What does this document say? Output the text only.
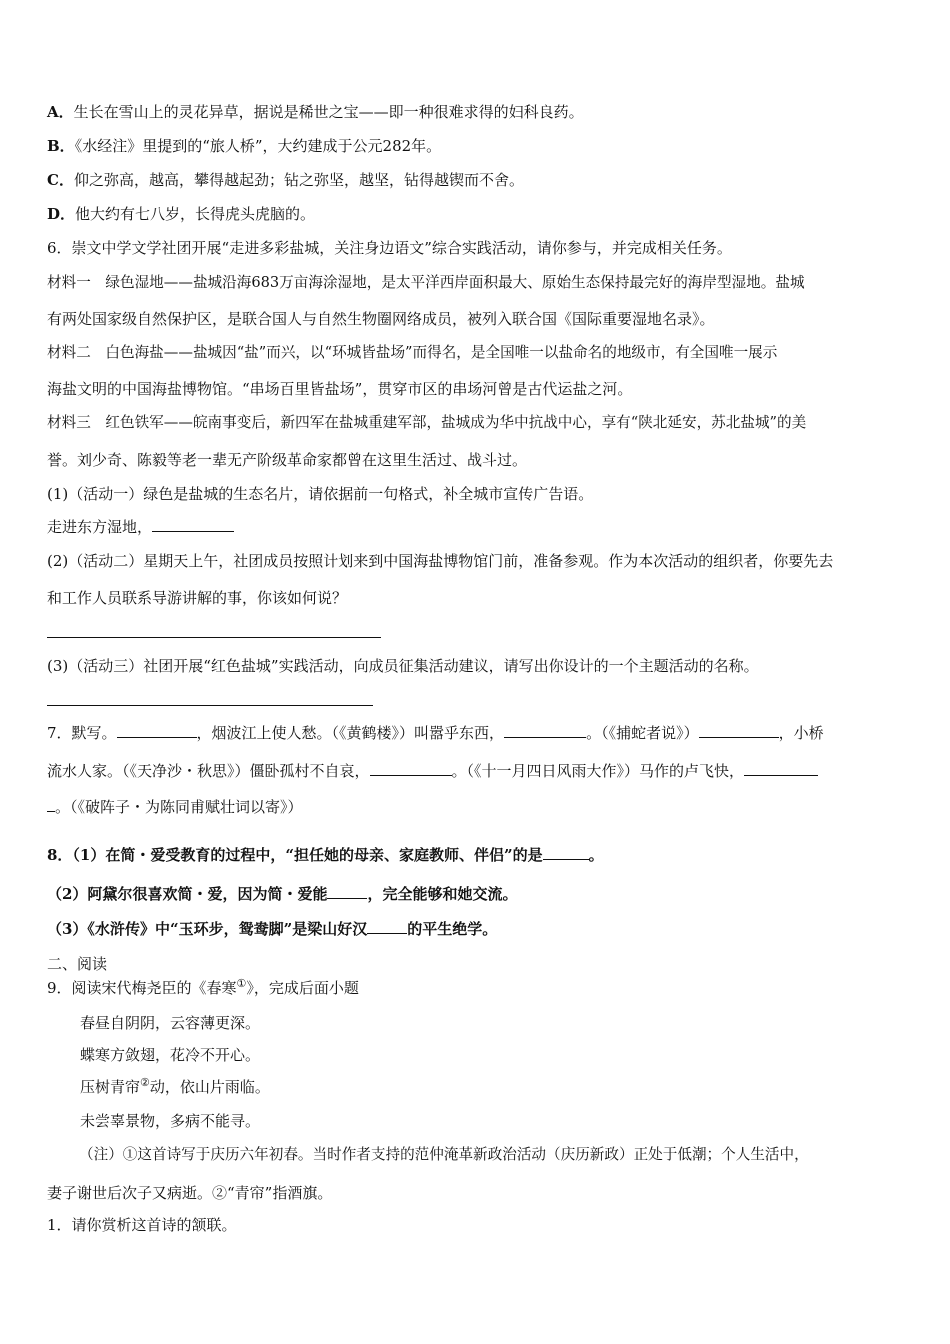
A．生长在雪山上的灵花异草，据说是稀世之宝——即一种很难求得的妇科良药。
B．《水经注》里提到的“旅人桥”，大约建成于公元282年。
C．仰之弥高，越高，攀得越起劲；钻之弥坚，越坚，钻得越锲而不舍。
D．他大约有七八岁，长得虎头虎脑的。
6．崇文中学文学社团开展“走进多彩盐城，关注身边语文”综合实践活动，请你参与，并完成相关任务。
材料一　绿色湿地——盐城沿海683万亩海涂湿地，是太平洋西岸面积最大、原始生态保持最完好的海岸型湿地。盐城
有两处国家级自然保护区，是联合国人与自然生物圈网络成员，被列入联合国《国际重要湿地名录》。
材料二　白色海盐——盐城因“盐”而兴，以“环城皆盐场”而得名，是全国唯一以盐命名的地级市，有全国唯一展示
海盐文明的中国海盐博物馆。“串场百里皆盐场”，贯穿市区的串场河曾是古代运盐之河。
材料三　红色铁军——皖南事变后，新四军在盐城重建军部，盐城成为华中抗战中心，享有“陕北延安，苏北盐城”的美
誉。刘少奇、陈毅等老一辈无产阶级革命家都曾在这里生活过、战斗过。
(1)（活动一）绿色是盐城的生态名片，请依据前一句格式，补全城市宣传广告语。
走进东方湿地，
(2)（活动二）星期天上午，社团成员按照计划来到中国海盐博物馆门前，准备参观。作为本次活动的组织者，你要先去
和工作人员联系导游讲解的事，你该如何说？
(3)（活动三）社团开展“红色盐城”实践活动，向成员征集活动建议，请写出你设计的一个主题活动的名称。
7．默写。	，烟波江上使人愁。（《黄鹤楼》）叫嚣乎东西，	。（《捕蛇者说》）	，小桥
流水人家。（《天净沙・秋思》）僵卧孤村不自哀，	。（《十一月四日风雨大作》）马作的卢飞快，
。（《破阵子・为陈同甫赋壮词以寄》）
8．（1）在简・爱受教育的过程中，“担任她的母亲、家庭教师、伴侣”的是	。
（2）阿黛尔很喜欢简・爱，因为简・爱能	，完全能够和她交流。
（3）《水浒传》中“玉环步，鸳鸯脚”是梁山好汉	的平生绝学。
二、阅读
9．阅读宋代梅尧臣的《春寒①》，完成后面小题
春昼自阴阴，云容薄更深。
蝶寒方敛翅，花冷不开心。
压树青帘②动，依山片雨临。
未尝辜景物，多病不能寻。
（注）①这首诗写于庆历六年初春。当时作者支持的范仲淹革新政治活动（庆历新政）正处于低潮；个人生活中，
妻子谢世后次子又病逝。②“青帘”指酒旗。
1．请你赏析这首诗的颔联。
